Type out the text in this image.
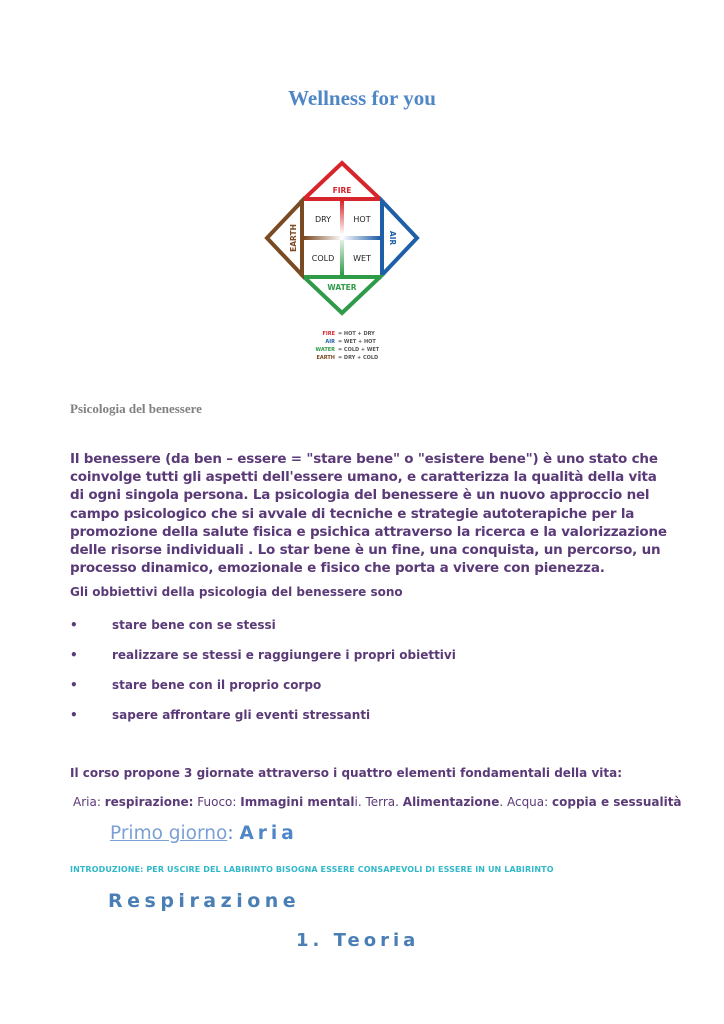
Wellness for you
FIRE
WATER
AIR
EARTH
DRY	HOT
COLD WET
FIRE = HOT + DRY
AIR = WET + HOT
WATER = COLD + WET
EARTH = DRY + COLD
Psicologia del benessere
Il benessere (da ben – essere = "stare bene" o "esistere bene") è uno stato che coinvolge tutti gli aspetti dell'essere umano, e caratterizza la qualità della vita di ogni singola persona. La psicologia del benessere è un nuovo approccio nel campo psicologico che si avvale di tecniche e strategie autoterapiche per la promozione della salute fisica e psichica attraverso la ricerca e la valorizzazione delle risorse individuali . Lo star bene è un fine, una conquista, un percorso, un processo dinamico, emozionale e fisico che porta a vivere con pienezza.
Gli obbiettivi della psicologia del benessere sono
•	stare bene con se stessi
•	realizzare se stessi e raggiungere i propri obiettivi
•	stare bene con il proprio corpo
•	sapere affrontare gli eventi stressanti
Il corso propone 3 giornate attraverso i quattro elementi fondamentali della vita:
Aria: respirazione: Fuoco: Immagini mentali. Terra. Alimentazione. Acqua: coppia e sessualità
Primo giorno: Aria
INTRODUZIONE: PER USCIRE DEL LABIRINTO BISOGNA ESSERE CONSAPEVOLI DI ESSERE IN UN LABIRINTO
Respirazione
1. Teoria
